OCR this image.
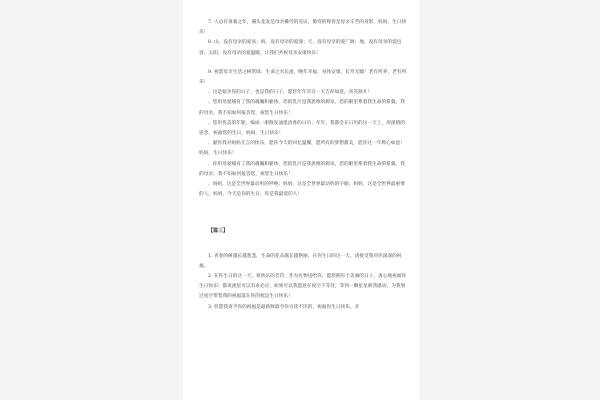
7. 人总有垂暮之年，满头花发是母亲操劳的见证，微弯的脊背是母亲辛苦的身影。妈妈，生日快乐！

8. 山，没有母亲的爱高；海，没有母亲的爱深；天，没有母亲的爱广阔；地，没有母亲的爱包容；太阳，没有母亲的爱温暖，让我们共祝母亲安康快乐！

9. 祝愿母亲生活之树常绿，生命之水长流，晚年幸福，身体安康，长寿无疆！老有所养，老有所乐！

、这是娘亲你的日子，也是我的日子，愿您年年有这一天吉祥如意，喜笑颜开！

、您用母爱哺育了我的魂魄和躯体，您的乳汁是我思维的源泉，您的眼里系着我生命的希冀。我的母亲，我不知如何报答您，祝您生日快乐！

、您用优美的年轮，编成一册散发油墨清香的日历；年年，我都会在日历的这一天上，用深情的思念，祝福您的生日，妈妈，生日快乐！

、献你我对妈妈无言的快乐，愿你今天的回忆温馨，愿所有的梦想甜美，愿你这一年称心如意！妈妈，生日快乐！

、你用母爱哺育了我的魂魄和躯体，您的乳汁是我思维的源泉，您的眼里系着我生命的希冀。我的母亲，我不知如何报答您，祝您生日快乐！

、妈妈，这是全世界最动听的呼唤；妈妈，这是全世界最动听的字眼；妈妈，这是全世界最重要的人。妈妈，今天是你的生日，你是我最爱的人！

【篇三】

1. 青春的树越长越葱茏，生命的花朵越长越艳丽，在你生日的这一天，请接受我对你深深的祝福。

2. 在你生日的这一天，将快乐的音符，作为礼物送给你，愿您拥有个美丽的日子，衷心地祝福你生日快乐！都说流星可以有求必应，如果可以我愿意在夜空下等待，等到一颗星星被我感动，为我划过星空带着我的祝福落在你的枕边生日快乐！

3. 但愿我寄予你的祝福是最新鲜最令你百读不厌的，祝福你生日快乐，开
